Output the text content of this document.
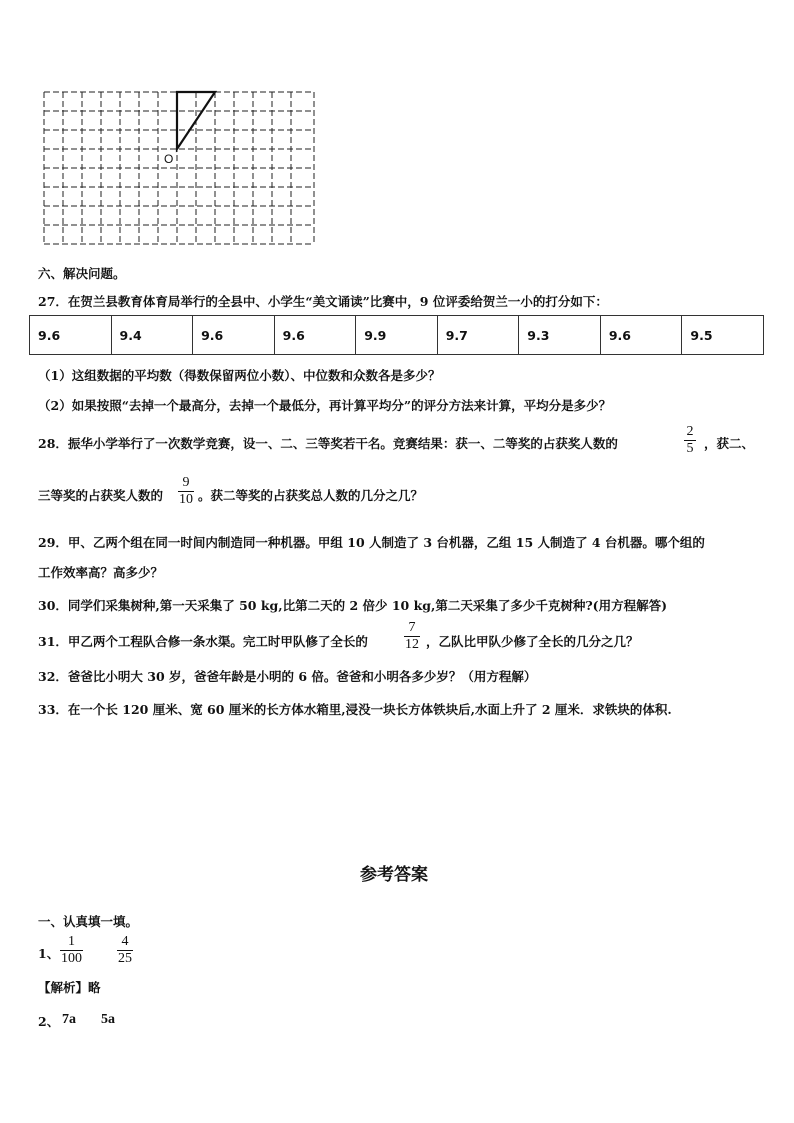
O
六、解决问题。
27．在贺兰县教育体育局举行的全县中、小学生“美文诵读”比赛中，9 位评委给贺兰一小的打分如下：
9.6	9.4	9.6	9.6	9.9	9.7	9.3	9.6	9.5
（1）这组数据的平均数（得数保留两位小数）、中位数和众数各是多少？
（2）如果按照“去掉一个最高分，去掉一个最低分，再计算平均分”的评分方法来计算，平均分是多少？
28．振华小学举行了一次数学竞赛，设一、二、三等奖若干名。竞赛结果：获一、二等奖的占获奖人数的
2
5 ，获二、
三等奖的占获奖人数的
9
10 。获二等奖的占获奖总人数的几分之几？
29．甲、乙两个组在同一时间内制造同一种机器。甲组 10 人制造了 3 台机器，乙组 15 人制造了 4 台机器。哪个组的
工作效率高？高多少？
30．同学们采集树种,第一天采集了 50 kg,比第二天的 2 倍少 10 kg,第二天采集了多少千克树种?(用方程解答)
31．甲乙两个工程队合修一条水渠。完工时甲队修了全长的
7
12 ，乙队比甲队少修了全长的几分之几？
32．爸爸比小明大 30 岁，爸爸年龄是小明的 6 倍。爸爸和小明各多少岁？（用方程解）
33．在一个长 120 厘米、宽 60 厘米的长方体水箱里,浸没一块长方体铁块后,水面上升了 2 厘米．求铁块的体积.
参考答案
一、认真填一填。
1、
1
100
4
25
【解析】略
2、 7a 5a
